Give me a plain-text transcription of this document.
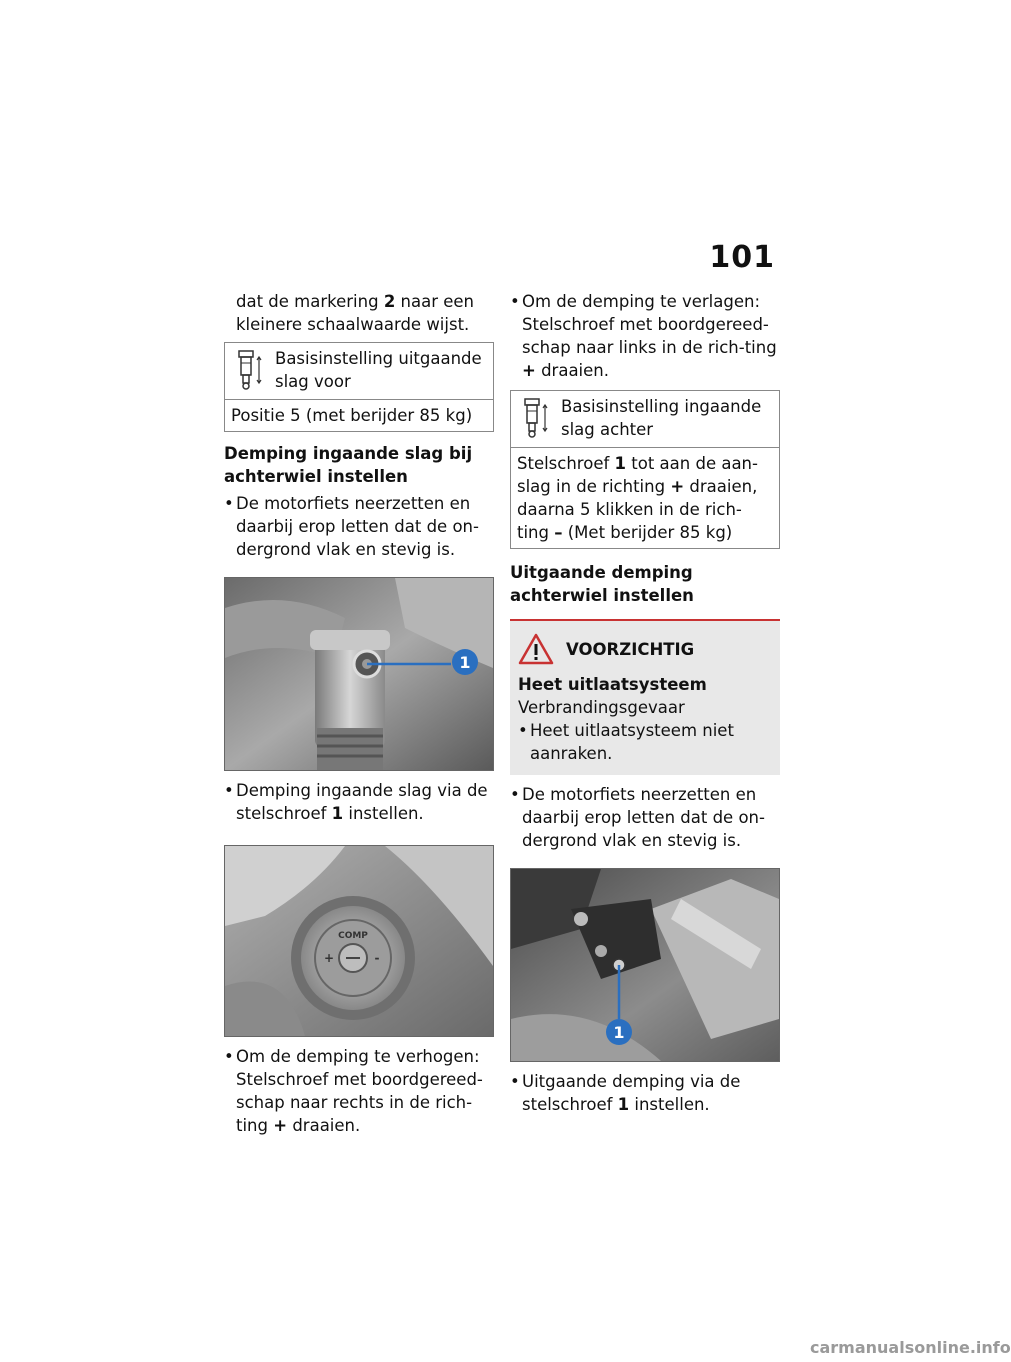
101

dat de markering 2 naar een
kleinere schaalwaarde wijst.

Basisinstelling uitgaande slag voor
Positie 5 (met berijder 85 kg)
Demping ingaande slag bij achterwiel instellen
• De motorfiets neerzetten en daarbij erop letten dat de on-dergrond vlak en stevig is.
1
• Demping ingaande slag via de stelschroef 1 instellen.
COMP
+	-
• Om de demping te verhogen: Stelschroef met boordgereed-schap naar rechts in de rich-ting + draaien.
• Om de demping te verlagen: Stelschroef met boordgereed-schap naar links in de rich-ting + draaien.
Basisinstelling ingaande slag achter
Stelschroef 1 tot aan de aan-slag in de richting + draaien, daarna 5 klikken in de rich-ting – (Met berijder 85 kg)
Uitgaande demping achterwiel instellen
VOORZICHTIG
Heet uitlaatsysteem
Verbrandingsgevaar
• Heet uitlaatsysteem niet aanraken.
• De motorfiets neerzetten en daarbij erop letten dat de on-dergrond vlak en stevig is.
1
• Uitgaande demping via de stelschroef 1 instellen.
carmanualsonline.info
